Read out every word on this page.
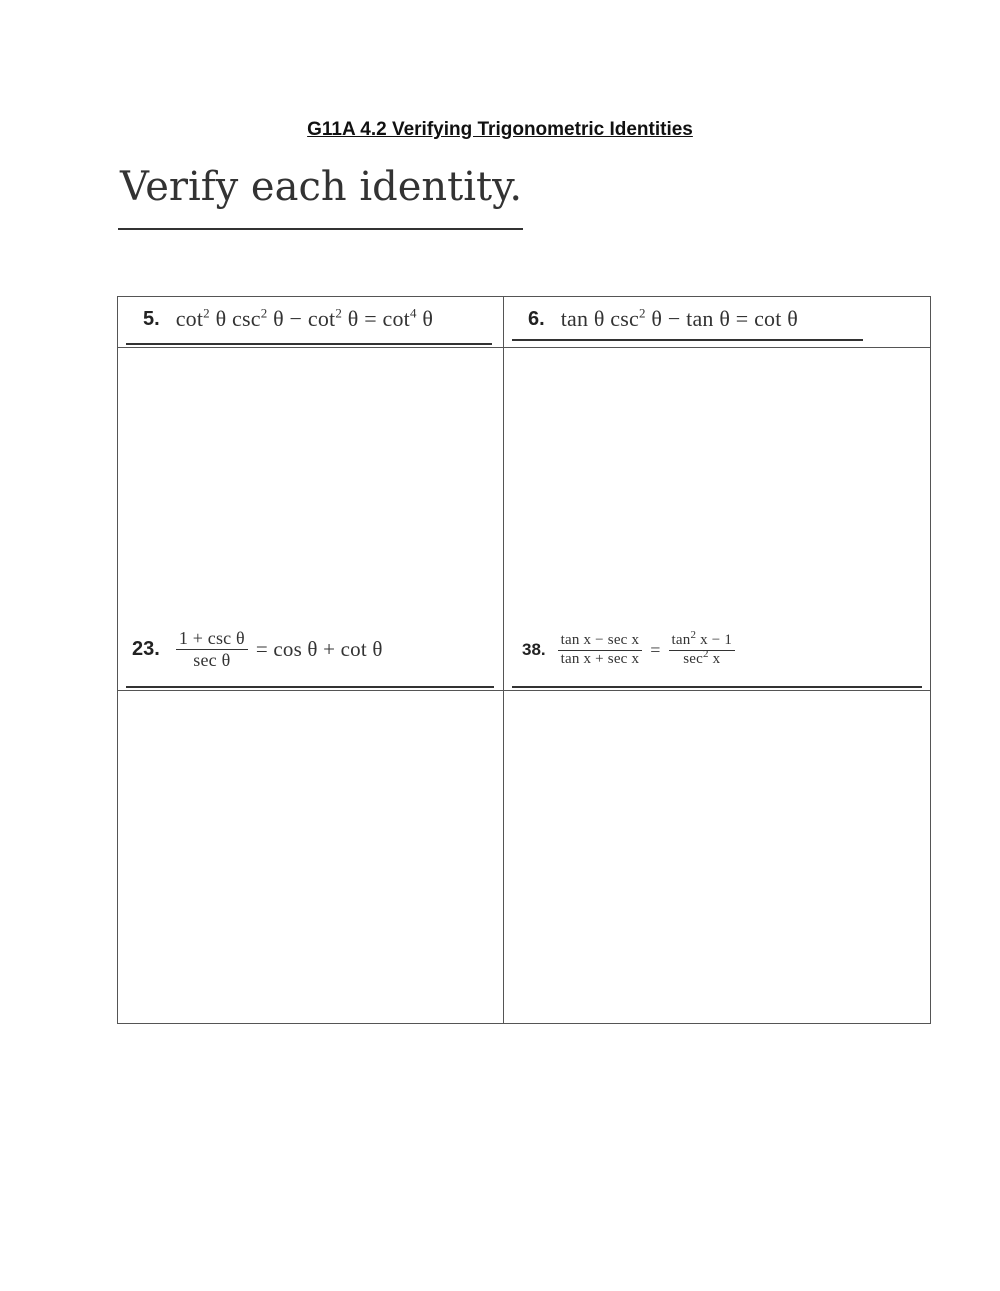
G11A 4.2 Verifying Trigonometric Identities
Verify each identity.
5. $\cot^2 \theta$ $\csc^2 \theta - \cot^2 \theta = \cot^4 \theta$	6. tan θ $\csc^2 \theta - \tan \theta = \cot \theta$
23. $\frac{\text{1 + csc θ}}{\text{sec θ}} = \cos \theta + \cot \theta$	38. $\frac{\text{tan x − sec x}}{\text{tan x + sec x}} = \frac{\tan^2 x - 1}{\sec^2 x}$
